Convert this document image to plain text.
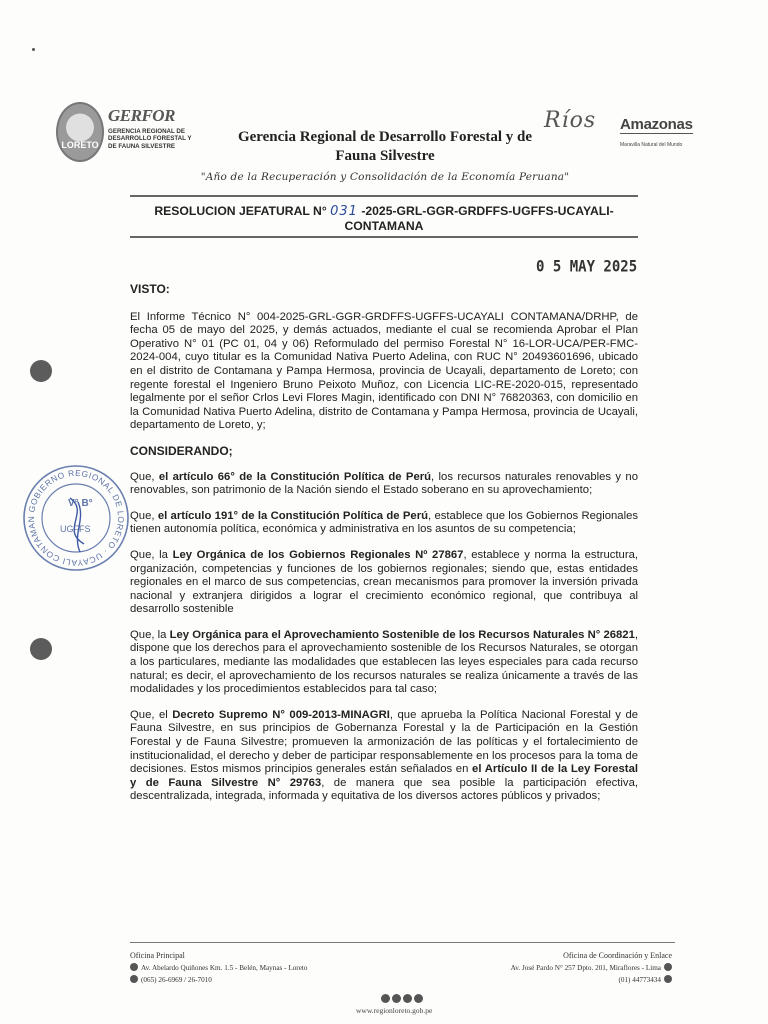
LORETO
GERFOR
GERENCIA REGIONAL DE DESARROLLO FORESTAL Y DE FAUNA SILVESTRE
Gerencia Regional de Desarrollo Forestal y de
Fauna Silvestre
Ríos Amazonas
Maravilla Natural del Mundo
"Año de la Recuperación y Consolidación de la Economía Peruana"
RESOLUCION JEFATURAL N° 031 -2025-GRL-GGR-GRDFFS-UGFFS-UCAYALI-
CONTAMANA
0 5 MAY 2025
GOBIERNO REGIONAL DE LORETO · UCAYALI CONTAMAN
V° B°
UGFFS
VISTO:

El Informe Técnico N° 004-2025-GRL-GGR-GRDFFS-UGFFS-UCAYALI CONTAMANA/DRHP, de fecha 05 de mayo del 2025, y demás actuados, mediante el cual se recomienda Aprobar el Plan Operativo N° 01 (PC 01, 04 y 06) Reformulado del permiso Forestal N° 16-LOR-UCA/PER-FMC-2024-004, cuyo titular es la Comunidad Nativa Puerto Adelina, con RUC N° 20493601696, ubicado en el distrito de Contamana y Pampa Hermosa, provincia de Ucayali, departamento de Loreto; con regente forestal el Ingeniero Bruno Peixoto Muñoz, con Licencia LIC-RE-2020-015, representado legalmente por el señor Crlos Levi Flores Magin, identificado con DNI N° 76820363, con domicilio en la Comunidad Nativa Puerto Adelina, distrito de Contamana y Pampa Hermosa, provincia de Ucayali, departamento de Loreto, y;

CONSIDERANDO;

Que, el artículo 66° de la Constitución Política de Perú, los recursos naturales renovables y no renovables, son patrimonio de la Nación siendo el Estado soberano en su aprovechamiento;

Que, el artículo 191° de la Constitución Política de Perú, establece que los Gobiernos Regionales tienen autonomía política, económica y administrativa en los asuntos de su competencia;

Que, la Ley Orgánica de los Gobiernos Regionales Nº 27867, establece y norma la estructura, organización, competencias y funciones de los gobiernos regionales; siendo que, estas entidades regionales en el marco de sus competencias, crean mecanismos para promover la inversión privada nacional y extranjera dirigidos a lograr el crecimiento económico regional, que contribuya al desarrollo sostenible

Que, la Ley Orgánica para el Aprovechamiento Sostenible de los Recursos Naturales N° 26821, dispone que los derechos para el aprovechamiento sostenible de los Recursos Naturales, se otorgan a los particulares, mediante las modalidades que establecen las leyes especiales para cada recurso natural; es decir, el aprovechamiento de los recursos naturales se realiza únicamente a través de las modalidades y los procedimientos establecidos para tal caso;

Que, el Decreto Supremo N° 009-2013-MINAGRI, que aprueba la Política Nacional Forestal y de Fauna Silvestre, en sus principios de Gobernanza Forestal y la de Participación en la Gestión Forestal y de Fauna Silvestre; promueven la armonización de las políticas y el fortalecimiento de institucionalidad, el derecho y deber de participar responsablemente en los procesos para la toma de decisiones. Estos mismos principios generales están señalados en el Artículo II de la Ley Forestal y de Fauna Silvestre N° 29763, de manera que sea posible la participación efectiva, descentralizada, integrada, informada y equitativa de los diversos actores públicos y privados;

Oficina Principal
Av. Abelardo Quiñones Km. 1.5 - Belén, Maynas - Loreto
(065) 26-6969 / 26-7010
Oficina de Coordinación y Enlace
Av. José Pardo N° 257 Dpto. 201, Miraflores - Lima
(01) 44773434
www.regionloreto.gob.pe
